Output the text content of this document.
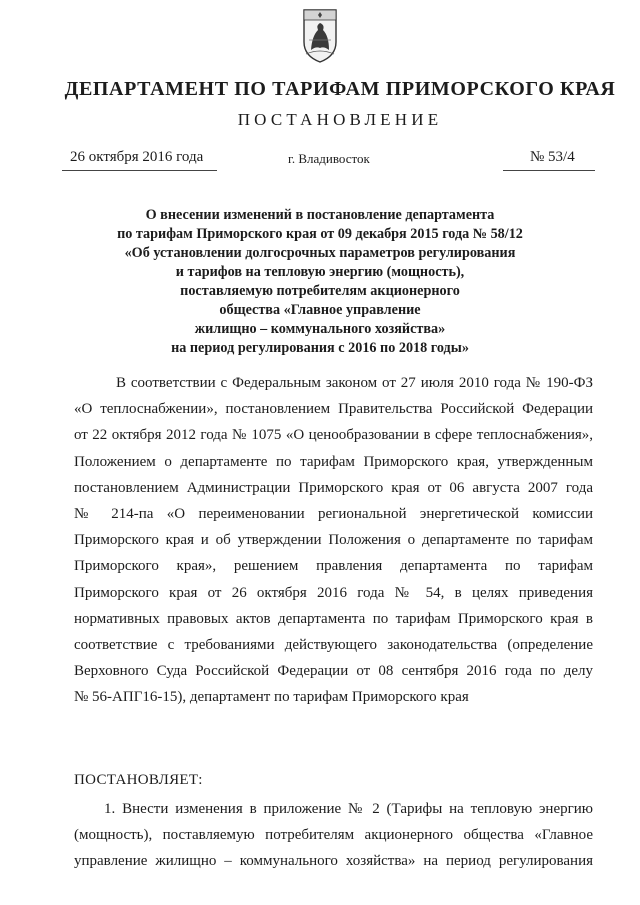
ДЕПАРТАМЕНТ ПО ТАРИФАМ ПРИМОРСКОГО КРАЯ
ПОСТАНОВЛЕНИЕ
26 октября 2016 года	г. Владивосток	№ 53/4
О внесении изменений в постановление департамента
по тарифам Приморского края от 09 декабря 2015 года № 58/12
«Об установлении долгосрочных параметров регулирования
и тарифов на тепловую энергию (мощность),
поставляемую потребителям акционерного
общества «Главное управление
жилищно – коммунального хозяйства»
на период регулирования с 2016 по 2018 годы»
В соответствии с Федеральным законом от 27 июля 2010 года № 190-ФЗ
«О теплоснабжении», постановлением Правительства Российской Федерации
от 22 октября 2012 года № 1075 «О ценообразовании в сфере теплоснабжения»,
Положением о департаменте по тарифам Приморского края, утвержденным
постановлением Администрации Приморского края от 06 августа 2007 года
№ 214-па «О переименовании региональной энергетической комиссии
Приморского края и об утверждении Положения о департаменте по тарифам
Приморского края», решением правления департамента по тарифам
Приморского края от 26 октября 2016 года № 54, в целях приведения
нормативных правовых актов департамента по тарифам Приморского края в
соответствие с требованиями действующего законодательства (определение
Верховного Суда Российской Федерации от 08 сентября 2016 года по делу
№ 56-АПГ16-15), департамент по тарифам Приморского края
ПОСТАНОВЛЯЕТ:
1. Внести изменения в приложение № 2 (Тарифы на тепловую энергию
(мощность), поставляемую потребителям акционерного общества «Главное
управление жилищно – коммунального хозяйства» на период регулирования
